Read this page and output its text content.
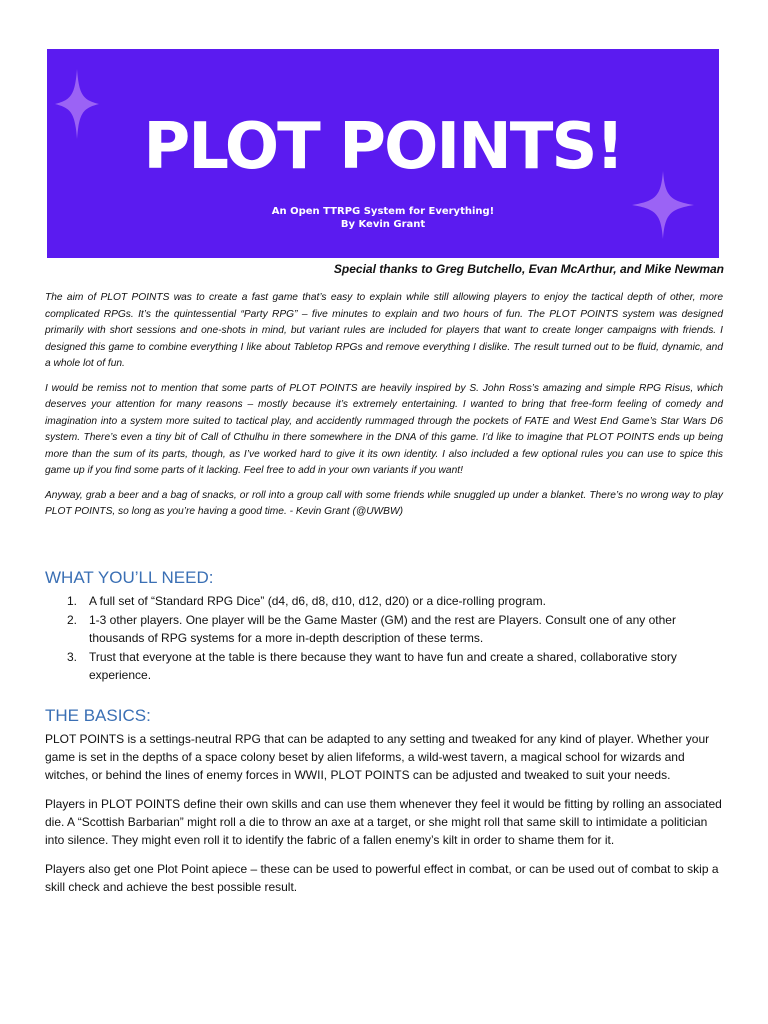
PLOT POINTS!
An Open TTRPG System for Everything!
By Kevin Grant
Special thanks to Greg Butchello, Evan McArthur, and Mike Newman

The aim of PLOT POINTS was to create a fast game that’s easy to explain while still allowing players to enjoy the tactical depth of other, more complicated RPGs. It’s the quintessential “Party RPG” – five minutes to explain and two hours of fun. The PLOT POINTS system was designed primarily with short sessions and one-shots in mind, but variant rules are included for players that want to create longer campaigns with friends. I designed this game to combine everything I like about Tabletop RPGs and remove everything I dislike. The result turned out to be fluid, dynamic, and a whole lot of fun.

I would be remiss not to mention that some parts of PLOT POINTS are heavily inspired by S. John Ross’s amazing and simple RPG Risus, which deserves your attention for many reasons – mostly because it’s extremely entertaining. I wanted to bring that free-form feeling of comedy and imagination into a system more suited to tactical play, and accidently rummaged through the pockets of FATE and West End Game’s Star Wars D6 system. There’s even a tiny bit of Call of Cthulhu in there somewhere in the DNA of this game. I’d like to imagine that PLOT POINTS ends up being more than the sum of its parts, though, as I’ve worked hard to give it its own identity. I also included a few optional rules you can use to spice this game up if you find some parts of it lacking. Feel free to add in your own variants if you want!

Anyway, grab a beer and a bag of snacks, or roll into a group call with some friends while snuggled up under a blanket. There’s no wrong way to play PLOT POINTS, so long as you’re having a good time. - Kevin Grant (@UWBW)

WHAT YOU’LL NEED:
1. A full set of “Standard RPG Dice” (d4, d6, d8, d10, d12, d20) or a dice-rolling program.
2. 1-3 other players. One player will be the Game Master (GM) and the rest are Players. Consult one of any other thousands of RPG systems for a more in-depth description of these terms.
3. Trust that everyone at the table is there because they want to have fun and create a shared, collaborative story experience.
THE BASICS:

PLOT POINTS is a settings-neutral RPG that can be adapted to any setting and tweaked for any kind of player. Whether your game is set in the depths of a space colony beset by alien lifeforms, a wild-west tavern, a magical school for wizards and witches, or behind the lines of enemy forces in WWII, PLOT POINTS can be adjusted and tweaked to suit your needs.

Players in PLOT POINTS define their own skills and can use them whenever they feel it would be fitting by rolling an associated die. A “Scottish Barbarian” might roll a die to throw an axe at a target, or she might roll that same skill to intimidate a politician into silence. They might even roll it to identify the fabric of a fallen enemy’s kilt in order to shame them for it.

Players also get one Plot Point apiece – these can be used to powerful effect in combat, or can be used out of combat to skip a skill check and achieve the best possible result.
